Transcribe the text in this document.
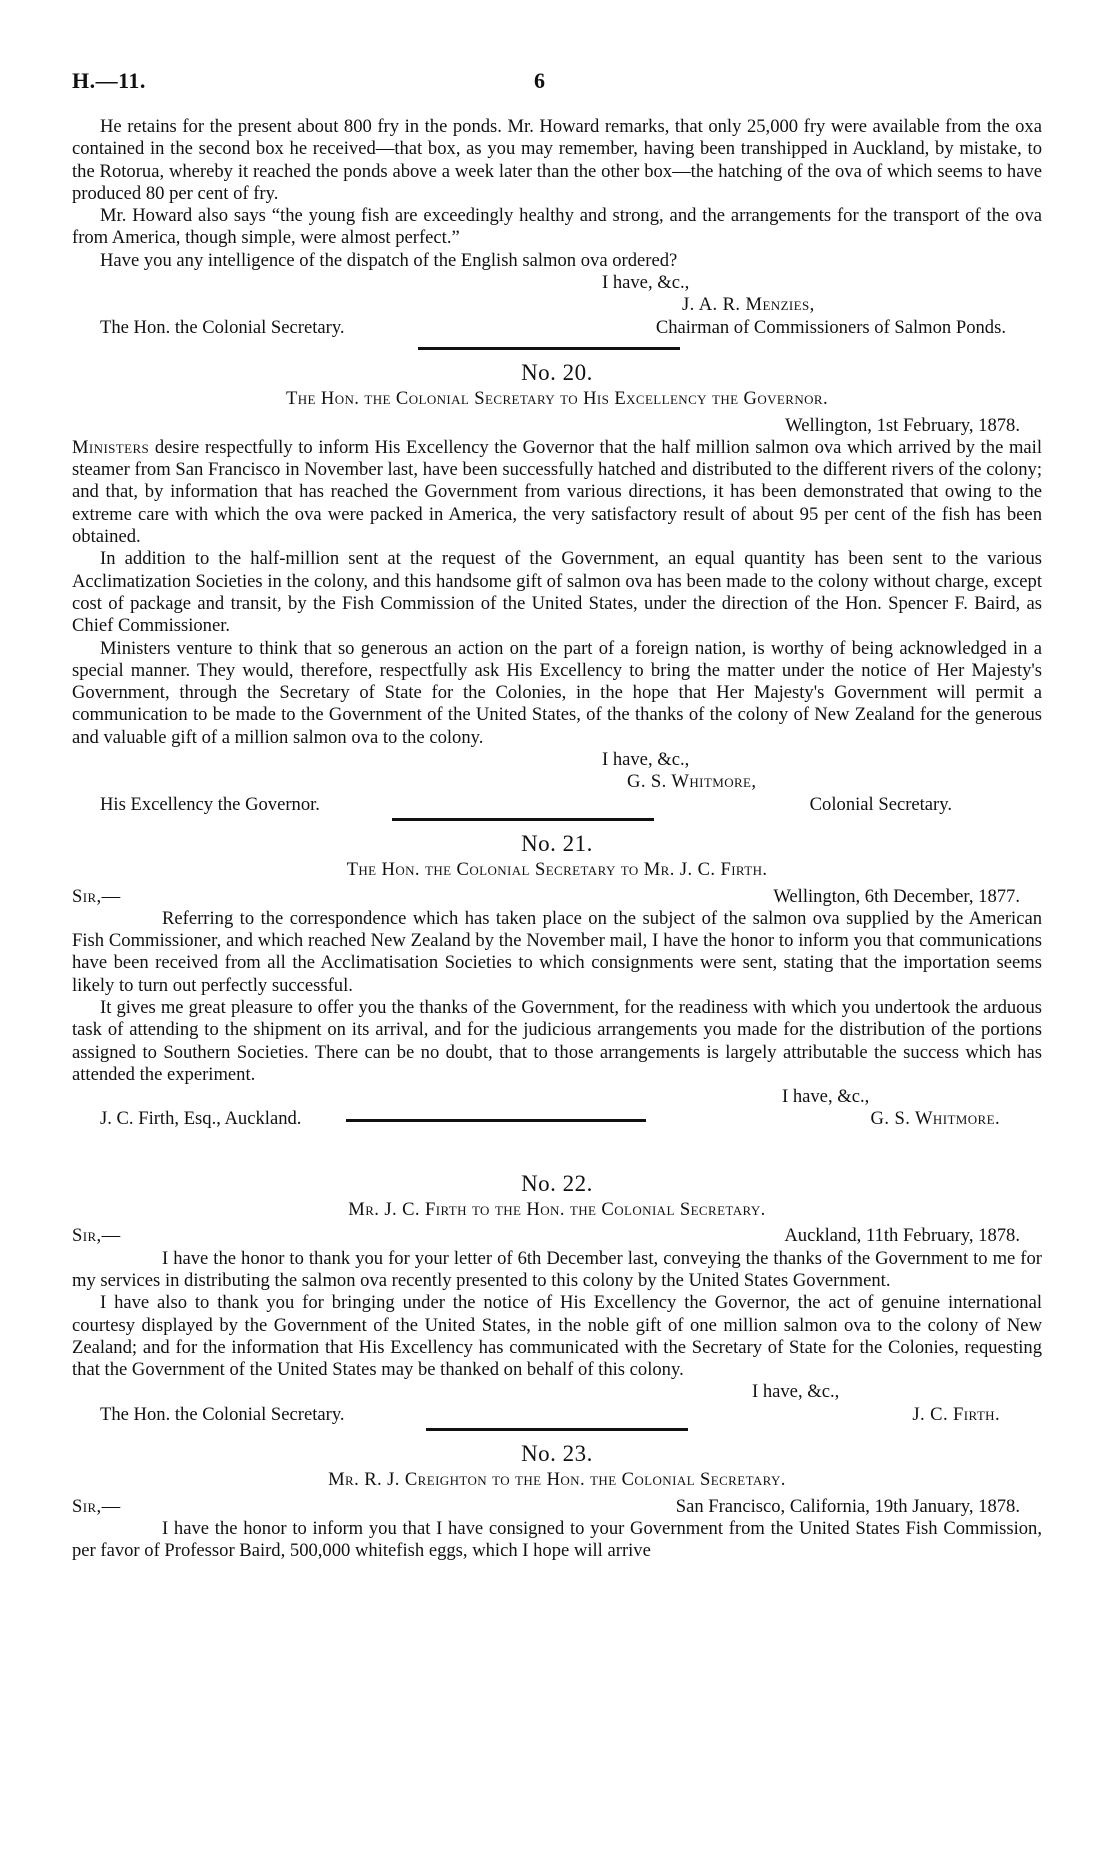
H.—11.	6

He retains for the present about 800 fry in the ponds. Mr. Howard remarks, that only 25,000 fry were available from the oxa contained in the second box he received—that box, as you may remember, having been transhipped in Auckland, by mistake, to the Rotorua, whereby it reached the ponds above a week later than the other box—the hatching of the ova of which seems to have produced 80 per cent of fry.

Mr. Howard also says “the young fish are exceedingly healthy and strong, and the arrangements for the transport of the ova from America, though simple, were almost perfect.”

Have you any intelligence of the dispatch of the English salmon ova ordered?

I have, &c.,
J. A. R. Menzies,
The Hon. the Colonial Secretary.	Chairman of Commissioners of Salmon Ponds.
No. 20.
The Hon. the Colonial Secretary to His Excellency the Governor.
Wellington, 1st February, 1878.

Ministers desire respectfully to inform His Excellency the Governor that the half million salmon ova which arrived by the mail steamer from San Francisco in November last, have been successfully hatched and distributed to the different rivers of the colony; and that, by information that has reached the Government from various directions, it has been demonstrated that owing to the extreme care with which the ova were packed in America, the very satisfactory result of about 95 per cent of the fish has been obtained.

In addition to the half-million sent at the request of the Government, an equal quantity has been sent to the various Acclimatization Societies in the colony, and this handsome gift of salmon ova has been made to the colony without charge, except cost of package and transit, by the Fish Commission of the United States, under the direction of the Hon. Spencer F. Baird, as Chief Commissioner.

Ministers venture to think that so generous an action on the part of a foreign nation, is worthy of being acknowledged in a special manner. They would, therefore, respectfully ask His Excellency to bring the matter under the notice of Her Majesty's Government, through the Secretary of State for the Colonies, in the hope that Her Majesty's Government will permit a communication to be made to the Government of the United States, of the thanks of the colony of New Zealand for the generous and valuable gift of a million salmon ova to the colony.

I have, &c.,
G. S. Whitmore,
His Excellency the Governor.	Colonial Secretary.
No. 21.
The Hon. the Colonial Secretary to Mr. J. C. Firth.
Sir,—	Wellington, 6th December, 1877.

Referring to the correspondence which has taken place on the subject of the salmon ova supplied by the American Fish Commissioner, and which reached New Zealand by the November mail, I have the honor to inform you that communications have been received from all the Acclimatisation Societies to which consignments were sent, stating that the importation seems likely to turn out perfectly successful.

It gives me great pleasure to offer you the thanks of the Government, for the readiness with which you undertook the arduous task of attending to the shipment on its arrival, and for the judicious arrangements you made for the distribution of the portions assigned to Southern Societies. There can be no doubt, that to those arrangements is largely attributable the success which has attended the experiment.

I have, &c.,
J. C. Firth, Esq., Auckland.	G. S. Whitmore.
No. 22.
Mr. J. C. Firth to the Hon. the Colonial Secretary.
Sir,—	Auckland, 11th February, 1878.

I have the honor to thank you for your letter of 6th December last, conveying the thanks of the Government to me for my services in distributing the salmon ova recently presented to this colony by the United States Government.

I have also to thank you for bringing under the notice of His Excellency the Governor, the act of genuine international courtesy displayed by the Government of the United States, in the noble gift of one million salmon ova to the colony of New Zealand; and for the information that His Excellency has communicated with the Secretary of State for the Colonies, requesting that the Government of the United States may be thanked on behalf of this colony.

I have, &c.,
The Hon. the Colonial Secretary.	J. C. Firth.
No. 23.
Mr. R. J. Creighton to the Hon. the Colonial Secretary.
Sir,—	San Francisco, California, 19th January, 1878.

I have the honor to inform you that I have consigned to your Government from the United States Fish Commission, per favor of Professor Baird, 500,000 whitefish eggs, which I hope will arrive
